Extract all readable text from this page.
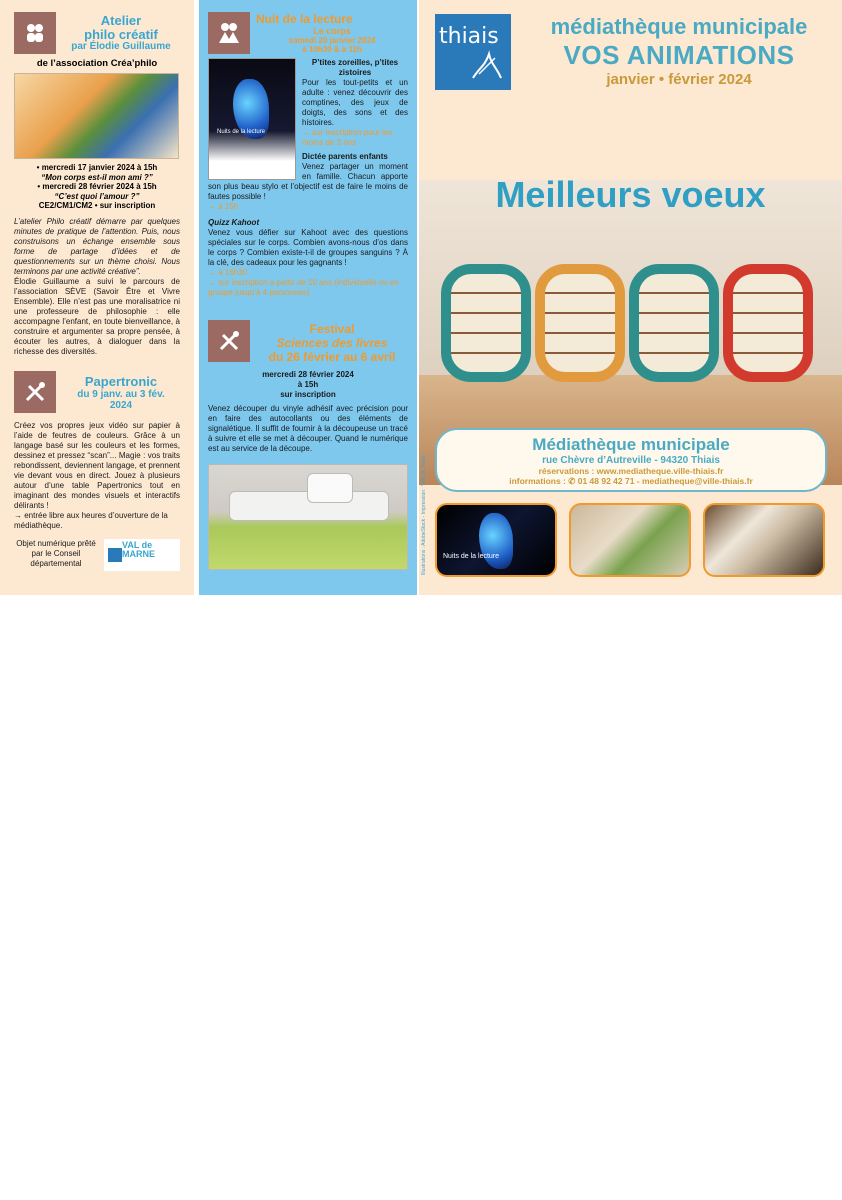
Atelier
philo créatif
par Élodie Guillaume
de l’association Créa’philo
• mercredi 17 janvier 2024 à 15h
“Mon corps est-il mon ami ?”
• mercredi 28 février 2024 à 15h
“C’est quoi l’amour ?”
CE2/CM1/CM2 • sur inscription

L’atelier Philo créatif démarre par quelques minutes de pratique de l’attention. Puis, nous construisons un échange ensemble sous forme de partage d’idées et de questionnements sur un thème choisi. Nous terminons par une activité créative”.

Élodie Guillaume a suivi le parcours de l’association SÈVE (Savoir Être et Vivre Ensemble). Elle n’est pas une moralisatrice ni une professeure de philosophie : elle accompagne l’enfant, en toute bienveillance, à construire et argumenter sa propre pensée, à écouter les autres, à dialoguer dans la richesse des diversités.

Papertronic
du 9 janv. au 3 fév.
2024

Créez vos propres jeux vidéo sur papier à l’aide de feutres de couleurs. Grâce à un langage basé sur les couleurs et les formes, dessinez et pressez “scan”... Magie : vos traits rebondissent, deviennent langage, et prennent vie devant vous en direct. Jouez à plusieurs autour d’une table Papertronics tout en imaginant des mondes visuels et interactifs délirants !

→ entrée libre aux heures d’ouverture de la médiathèque.

VAL de MARNE
Objet numérique prêté par le Conseil départemental
Nuit de la lecture
Le corps
samedi 20 janvier 2024
à 10h30 & à 11h
Nuits de la lecture
P’tites zoreilles, p’tites zistoires

Pour les tout-petits et un adulte : venez découvrir des comptines, des jeux de doigts, des sons et des histoires.

→ sur inscription pour les moins de 3 ans

Dictée parents enfants

Venez partager un moment en famille. Chacun apporte son plus beau stylo et l’objectif est de faire le moins de fautes possible !

→ à 15h

Quizz Kahoot

Venez vous défier sur Kahoot avec des questions spéciales sur le corps. Combien avons-nous d’os dans le corps ? Combien existe-t-il de groupes sanguins ? À la clé, des cadeaux pour les gagnants !

→ à 16h30

→ sur inscription à partir de 10 ans (individuelle ou en groupe jusqu’à 4 personnes)

Festival
Sciences des livres
du 26 février au 6 avril
mercredi 28 février 2024
à 15h
sur inscription

Venez découper du vinyle adhésif avec précision pour en faire des autocollants ou des éléments de signalétique. Il suffit de fournir à la découpeuse un tracé à suivre et elle se met à découper. Quand le numérique est au service de la découpe.

thiais	médiathèque municipale
VOS ANIMATIONS
janvier • février 2024
Meilleurs voeux
Médiathèque municipale
rue Chèvre d’Autreville - 94320 Thiais
réservations : www.mediatheque.ville-thiais.fr
informations : ✆ 01 48 92 42 71 - mediatheque@ville-thiais.fr
Nuits de la lecture
Illustrations : AdobeStock - Impression : Ville de Thiais
